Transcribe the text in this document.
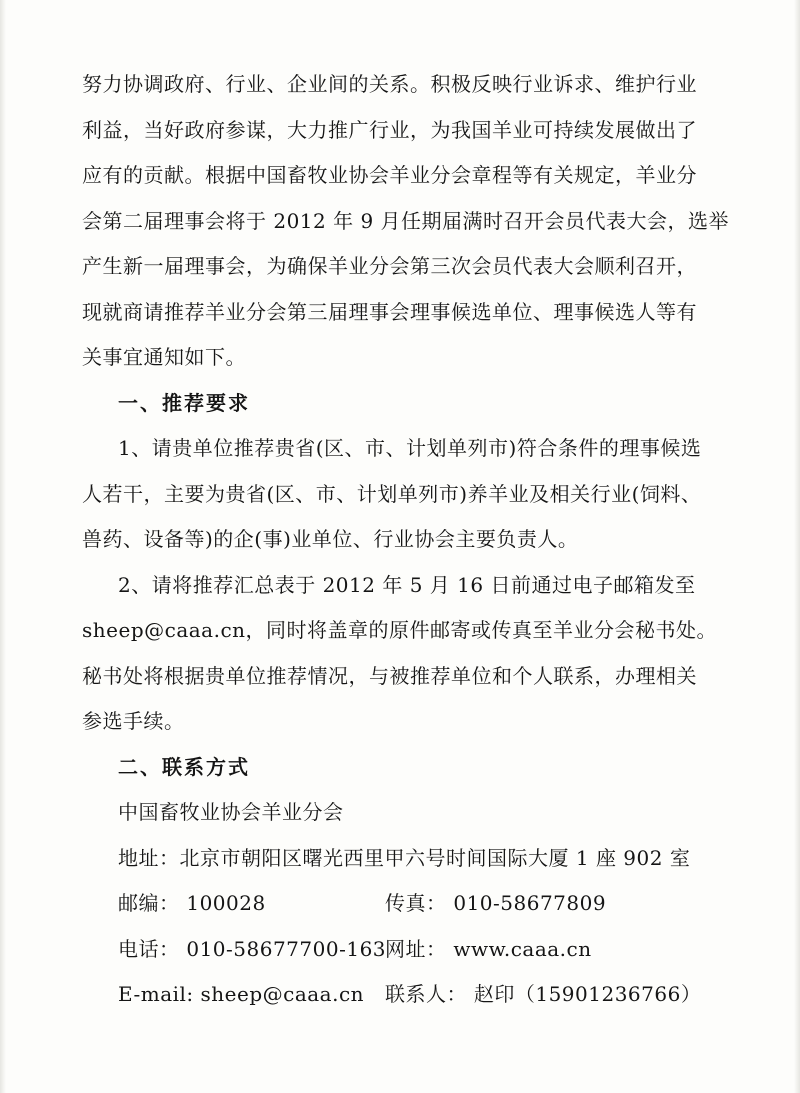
努力协调政府、行业、企业间的关系。积极反映行业诉求、维护行业
利益，当好政府参谋，大力推广行业，为我国羊业可持续发展做出了
应有的贡献。根据中国畜牧业协会羊业分会章程等有关规定，羊业分
会第二届理事会将于 2012 年 9 月任期届满时召开会员代表大会，选举
产生新一届理事会，为确保羊业分会第三次会员代表大会顺利召开，
现就商请推荐羊业分会第三届理事会理事候选单位、理事候选人等有
关事宜通知如下。
一、推荐要求
1、请贵单位推荐贵省(区、市、计划单列市)符合条件的理事候选
人若干，主要为贵省(区、市、计划单列市)养羊业及相关行业(饲料、
兽药、设备等)的企(事)业单位、行业协会主要负责人。
2、请将推荐汇总表于 2012 年 5 月 16 日前通过电子邮箱发至
sheep@caaa.cn，同时将盖章的原件邮寄或传真至羊业分会秘书处。
秘书处将根据贵单位推荐情况，与被推荐单位和个人联系，办理相关
参选手续。
二、联系方式
中国畜牧业协会羊业分会
地址：北京市朝阳区曙光西里甲六号时间国际大厦 1 座 902 室
邮编： 100028	传真： 010-58677809
电话： 010-58677700-163
网址： www.caaa.cn
E-mail: sheep@caaa.cn 联系人： 赵印（15901236766）
